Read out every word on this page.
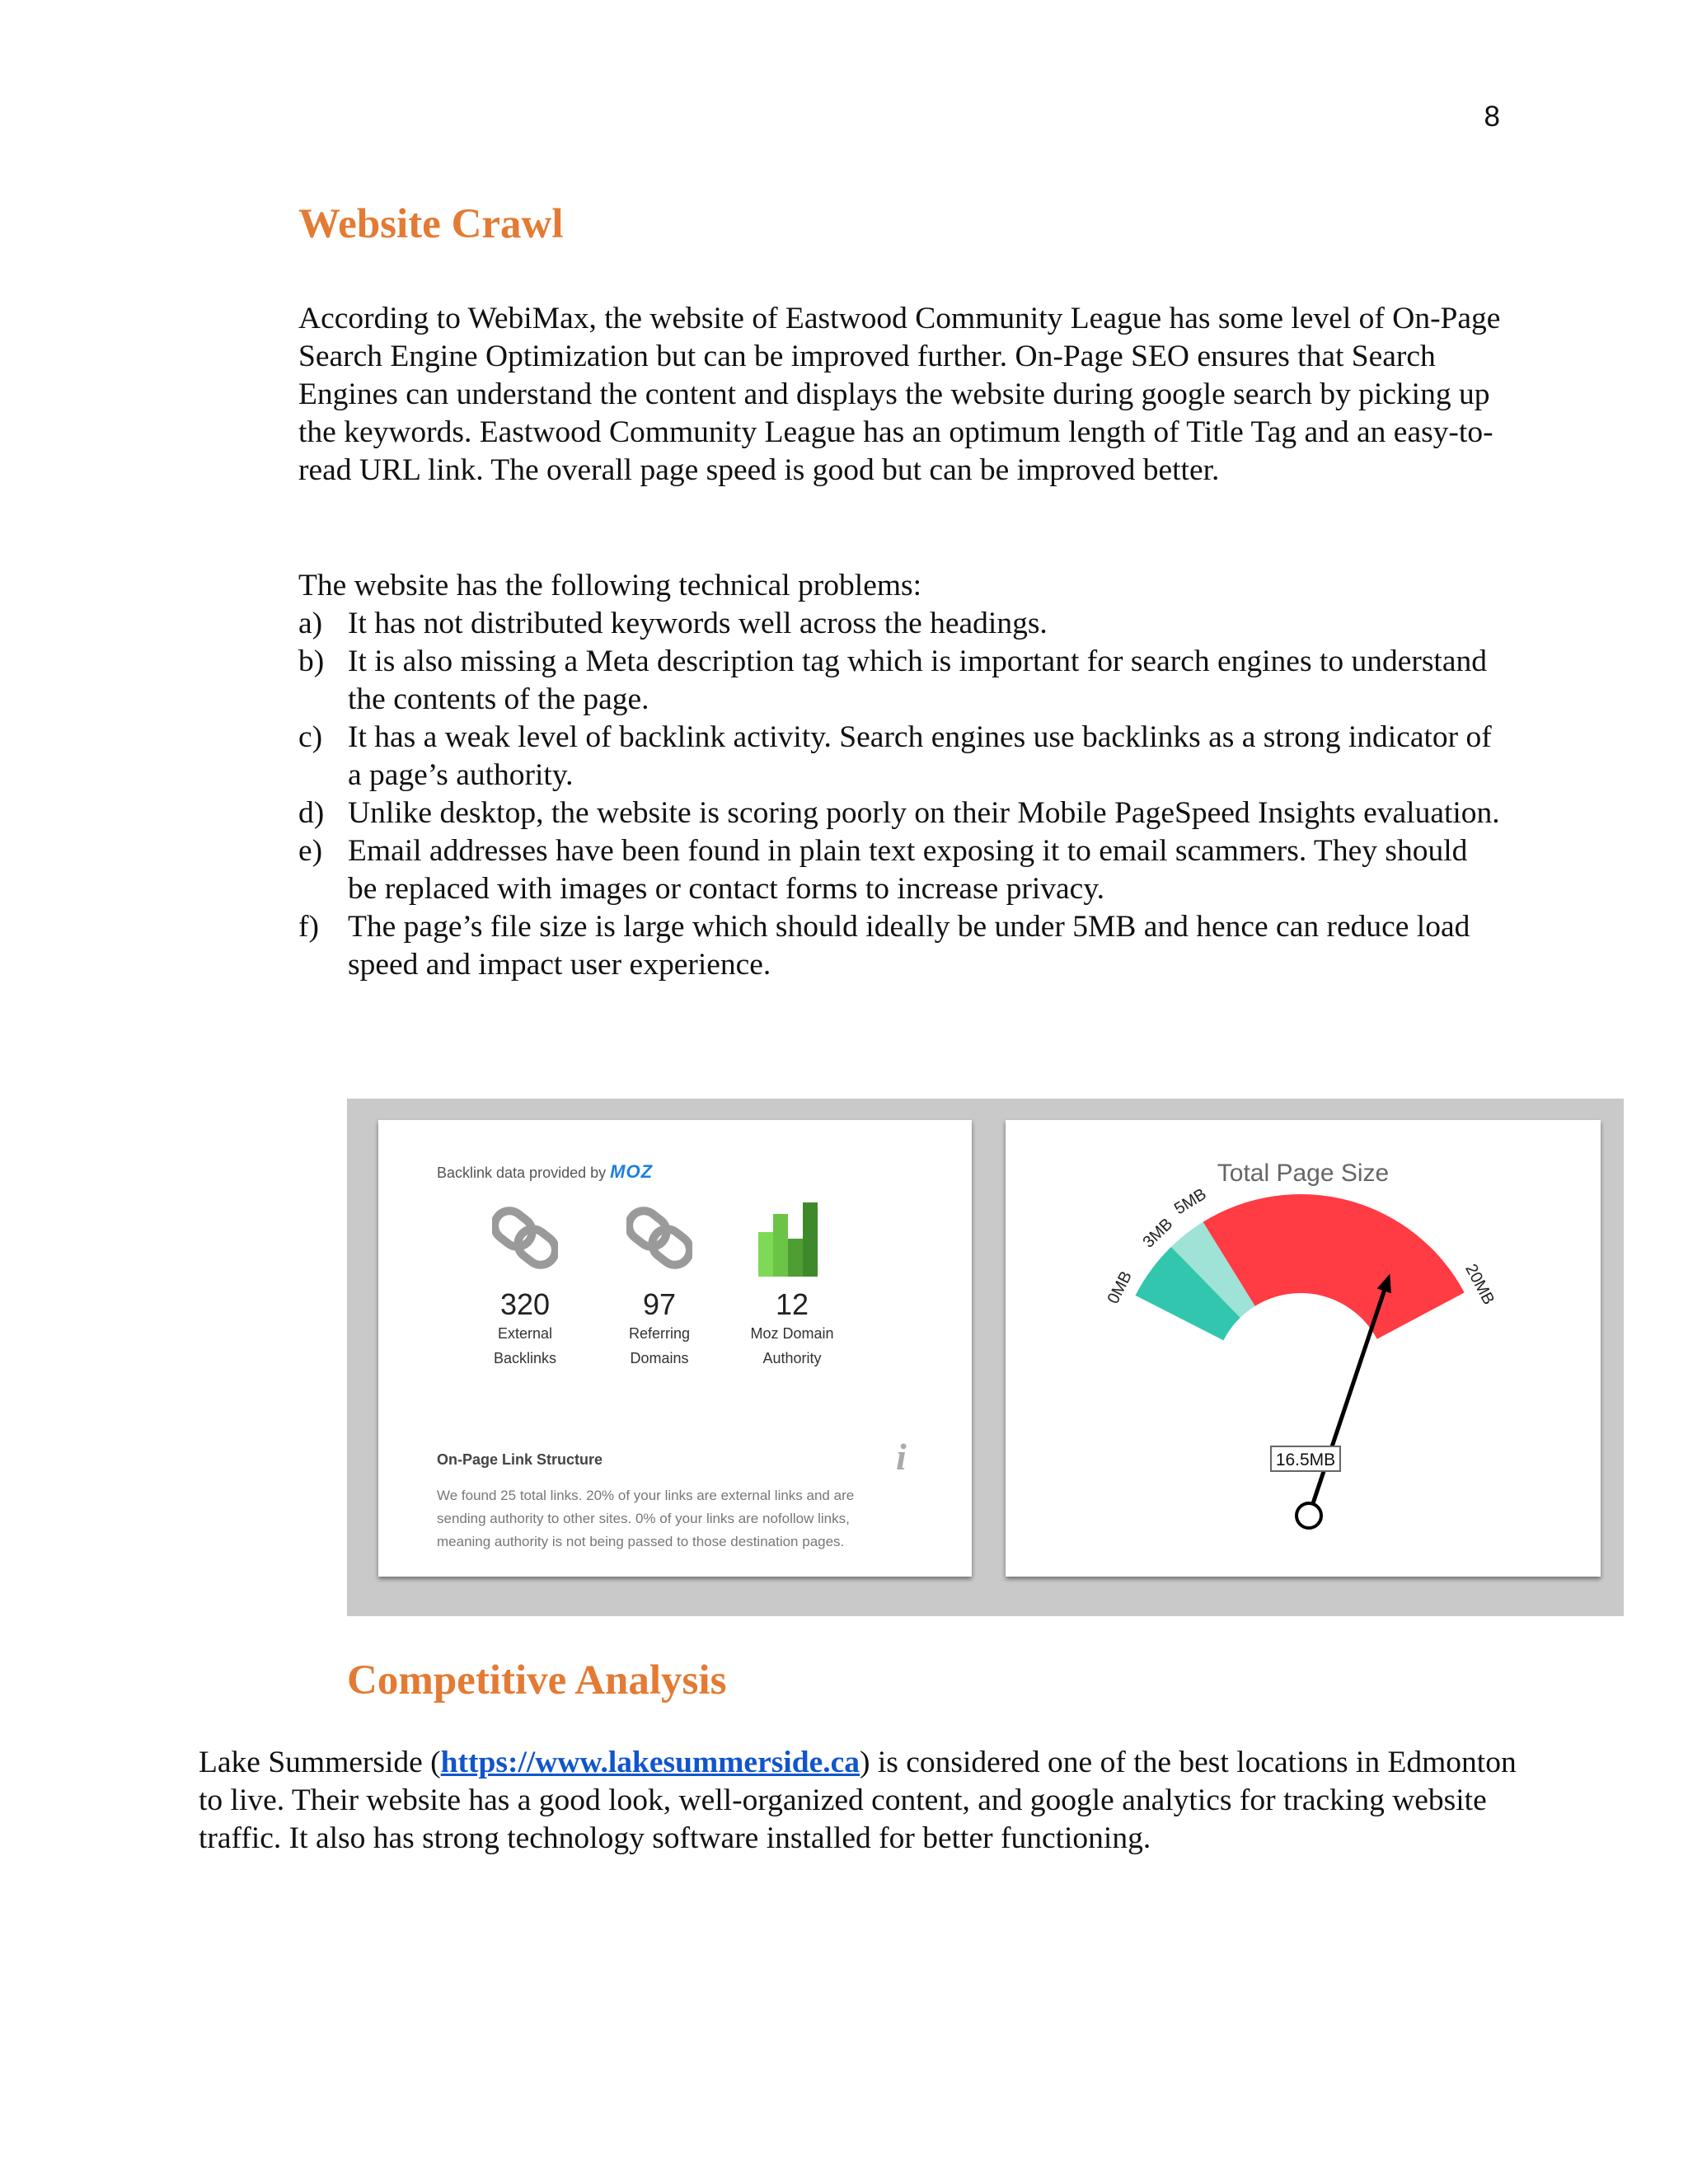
8
Website Crawl

According to WebiMax, the website of Eastwood Community League has some level of On-Page Search Engine Optimization but can be improved further. On-Page SEO ensures that Search Engines can understand the content and displays the website during google search by picking up the keywords. Eastwood Community League has an optimum length of Title Tag and an easy-to-read URL link. The overall page speed is good but can be improved better.

The website has the following technical problems:

a) It has not distributed keywords well across the headings.
b) It is also missing a Meta description tag which is important for search engines to understand the contents of the page.
c) It has a weak level of backlink activity. Search engines use backlinks as a strong indicator of a page’s authority.
d) Unlike desktop, the website is scoring poorly on their Mobile PageSpeed Insights evaluation.
e) Email addresses have been found in plain text exposing it to email scammers. They should be replaced with images or contact forms to increase privacy.
f) The page’s file size is large which should ideally be under 5MB and hence can reduce load speed and impact user experience.
Backlink data provided by MOZ
320
External
Backlinks
97
Referring
Domains
12
Moz Domain
Authority
On-Page Link Structure	i
We found 25 total links. 20% of your links are external links and are sending authority to other sites. 0% of your links are nofollow links, meaning authority is not being passed to those destination pages.
Total Page Size
0MB
3MB
5MB
20MB
16.5MB
Competitive Analysis

Lake Summerside (https://www.lakesummerside.ca) is considered one of the best locations in Edmonton to live. Their website has a good look, well-organized content, and google analytics for tracking website traffic. It also has strong technology software installed for better functioning.
